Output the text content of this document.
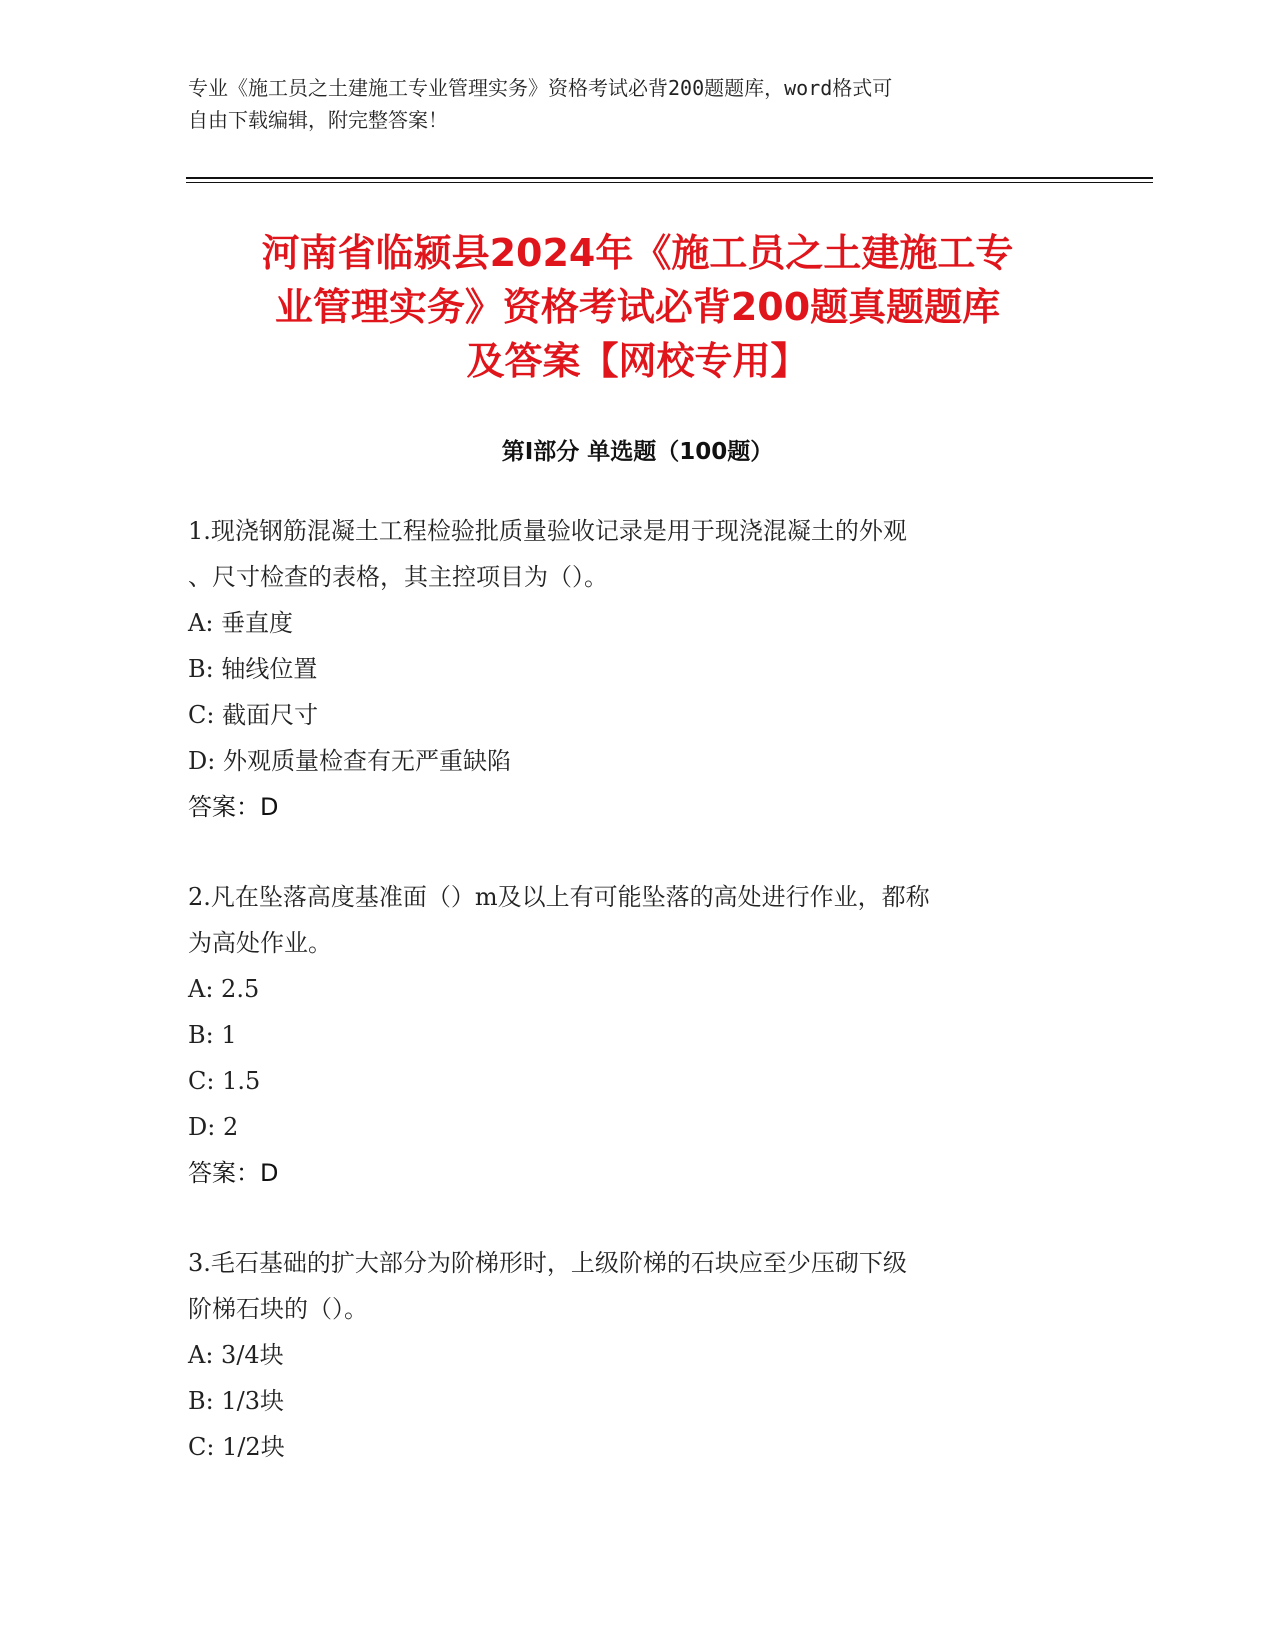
专业《施工员之土建施工专业管理实务》资格考试必背200题题库，word格式可
自由下载编辑，附完整答案！
河南省临颍县2024年《施工员之土建施工专
业管理实务》资格考试必背200题真题题库
及答案【网校专用】
第Ⅰ部分 单选题（100题）

1.现浇钢筋混凝土工程检验批质量验收记录是用于现浇混凝土的外观

、尺寸检查的表格，其主控项目为（）。

A: 垂直度

B: 轴线位置

C: 截面尺寸

D: 外观质量检查有无严重缺陷

答案：D

2.凡在坠落高度基准面（）m及以上有可能坠落的高处进行作业，都称

为高处作业。

A: 2.5

B: 1

C: 1.5

D: 2

答案：D

3.毛石基础的扩大部分为阶梯形时，上级阶梯的石块应至少压砌下级

阶梯石块的（）。

A: 3/4块

B: 1/3块

C: 1/2块
